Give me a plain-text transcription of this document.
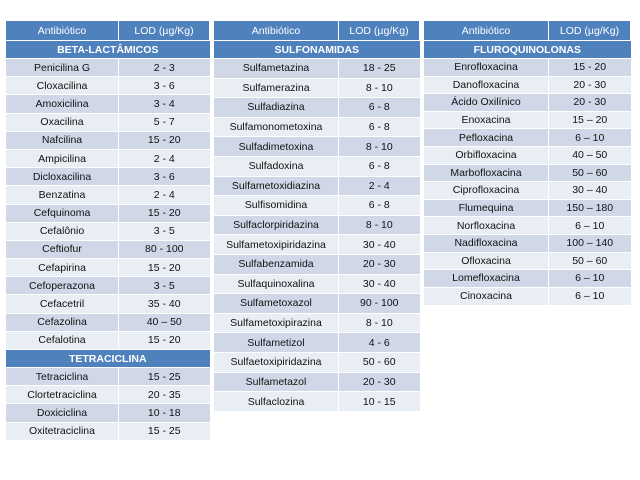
Antibiótico	LOD (µg/Kg)
BETA-LACTÂMICOS	
Penicilina G	2 - 3
Cloxacilina	3 - 6
Amoxicilina	3 - 4
Oxacilina	5 - 7
Nafcilina	15 - 20
Ampicilina	2 - 4
Dicloxacilina	3 - 6
Benzatina	2 - 4
Cefquinoma	15 - 20
Cefalônio	3 - 5
Ceftiofur	80 - 100
Cefapirina	15 - 20
Cefoperazona	3 - 5
Cefacetril	35 - 40
Cefazolina	40 – 50
Cefalotina	15 - 20
TETRACICLINA	
Tetraciclina	15 - 25
Clortetraciclina	20 - 35
Doxiciclina	10 - 18
Oxitetraciclina	15 - 25
Antibiótico	LOD (µg/Kg)
SULFONAMIDAS	
Sulfametazina	18 - 25
Sulfamerazina	8 - 10
Sulfadiazina	6 - 8
Sulfamonometoxina	6 - 8
Sulfadimetoxina	8 - 10
Sulfadoxina	6 - 8
Sulfametoxidiazina	2 - 4
Sulfisomidina	6 - 8
Sulfaclorpiridazina	8 - 10
Sulfametoxipiridazina	30 - 40
Sulfabenzamida	20 - 30
Sulfaquinoxalina	30 - 40
Sulfametoxazol	90 - 100
Sulfametoxipirazina	8 - 10
Sulfametizol	4 - 6
Sulfaetoxipiridazina	50 - 60
Sulfametazol	20 - 30
Sulfaclozina	10 - 15
Antibiótico	LOD (µg/Kg)
FLUROQUINOLONAS	
Enrofloxacina	15 - 20
Danofloxacina	20 - 30
Ácido Oxilínico	20 - 30
Enoxacina	15 – 20
Pefloxacina	6 – 10
Orbifloxacina	40 – 50
Marbofloxacina	50 – 60
Ciprofloxacina	30 – 40
Flumequina	150 – 180
Norfloxacina	6 – 10
Nadifloxacina	100 – 140
Ofloxacina	50 – 60
Lomefloxacina	6 – 10
Cinoxacina	6 – 10
